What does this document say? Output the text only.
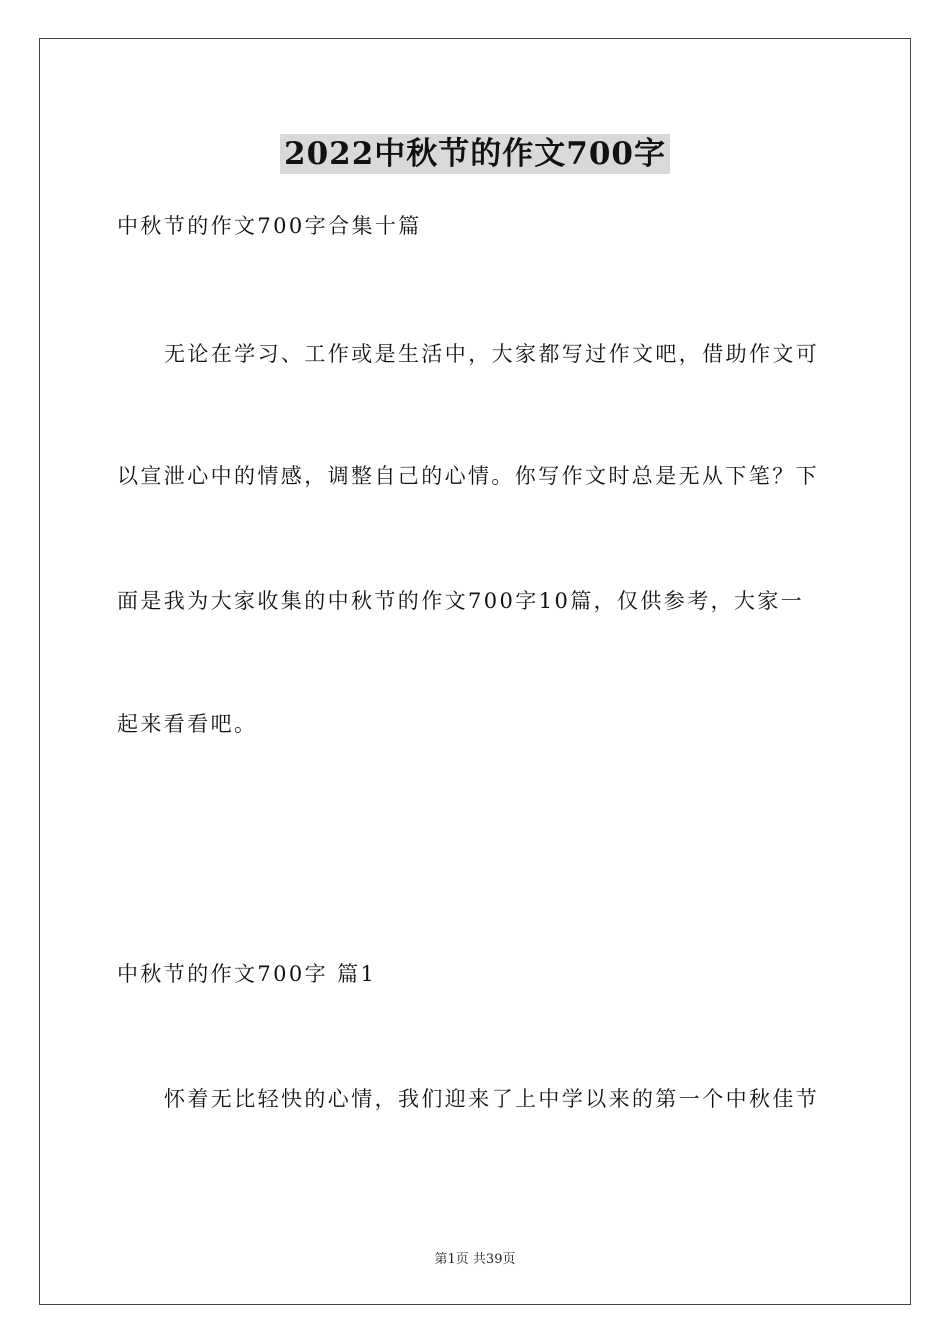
2022中秋节的作文700字
中秋节的作文700字合集十篇
无论在学习、工作或是生活中，大家都写过作文吧，借助作文可
以宣泄心中的情感，调整自己的心情。你写作文时总是无从下笔？下
面是我为大家收集的中秋节的作文700字10篇，仅供参考，大家一
起来看看吧。
中秋节的作文700字 篇1
怀着无比轻快的心情，我们迎来了上中学以来的第一个中秋佳节
第1页 共39页
